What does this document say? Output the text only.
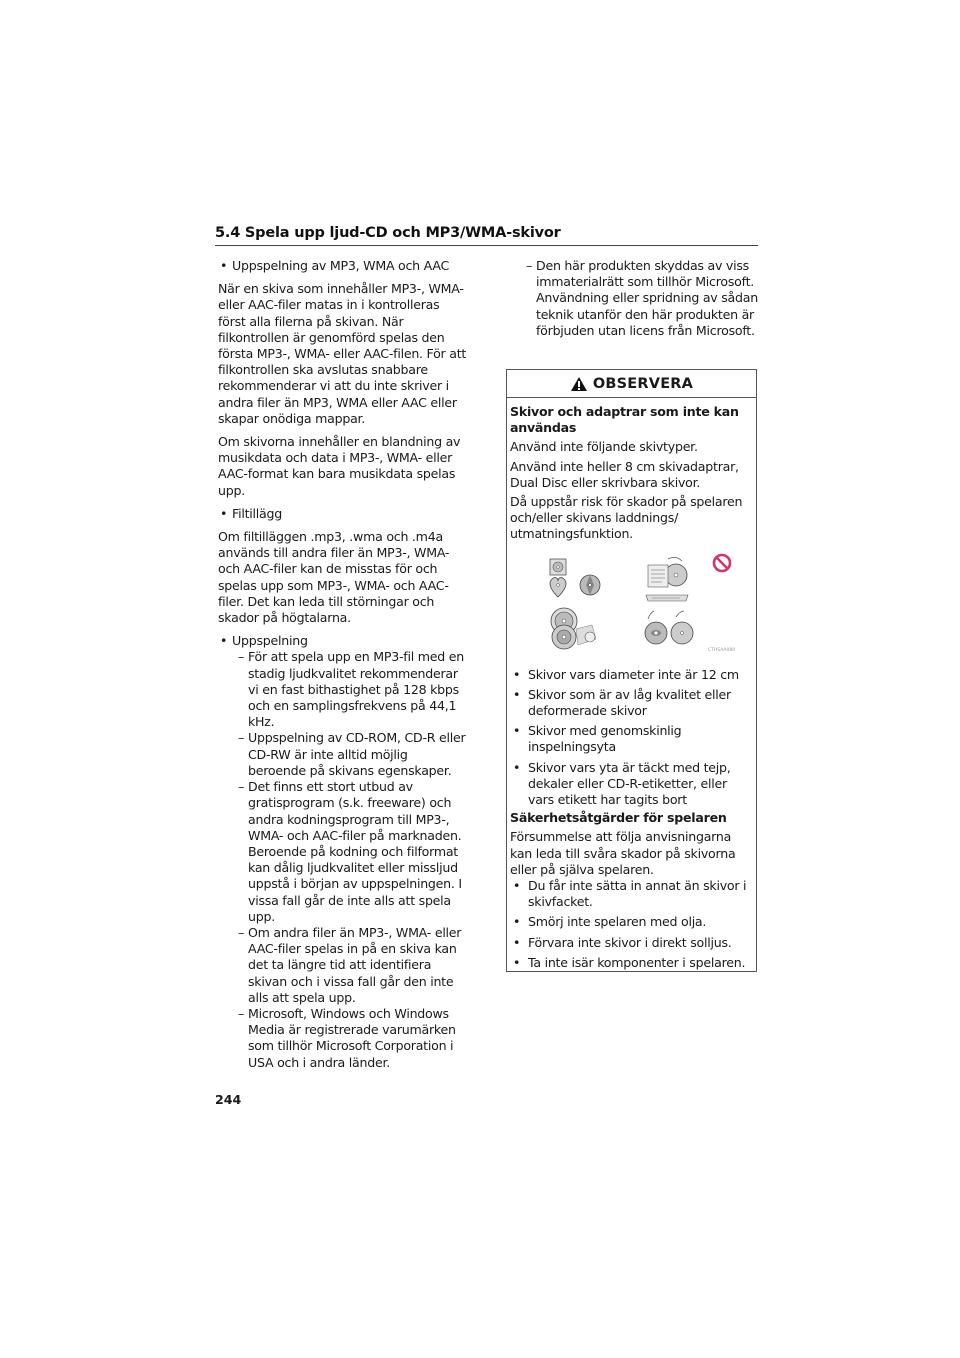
5.4 Spela upp ljud-CD och MP3/WMA-skivor
• Uppspelning av MP3, WMA och AAC

När en skiva som innehåller MP3-, WMA- eller AAC-filer matas in i kontrolleras först alla filerna på skivan. När filkontrollen är genomförd spelas den första MP3-, WMA- eller AAC-filen. För att filkontrollen ska avslutas snabbare rekommenderar vi att du inte skriver i andra filer än MP3, WMA eller AAC eller skapar onödiga mappar.

Om skivorna innehåller en blandning av musikdata och data i MP3-, WMA- eller AAC-format kan bara musikdata spelas upp.

• Filtillägg

Om filtilläggen .mp3, .wma och .m4a används till andra filer än MP3-, WMA- och AAC-filer kan de misstas för och spelas upp som MP3-, WMA- och AAC-filer. Det kan leda till störningar och skador på högtalarna.

• Uppspelning
– För att spela upp en MP3-fil med en stadig ljudkvalitet rekommenderar vi en fast bithastighet på 128 kbps och en samplingsfrekvens på 44,1 kHz.
– Uppspelning av CD-ROM, CD-R eller CD-RW är inte alltid möjlig beroende på skivans egenskaper.
– Det finns ett stort utbud av gratisprogram (s.k. freeware) och andra kodningsprogram till MP3-, WMA- och AAC-filer på marknaden. Beroende på kodning och filformat kan dålig ljudkvalitet eller missljud uppstå i början av uppspelningen. I vissa fall går de inte alls att spela upp.
– Om andra filer än MP3-, WMA- eller AAC-filer spelas in på en skiva kan det ta längre tid att identifiera skivan och i vissa fall går den inte alls att spela upp.
– Microsoft, Windows och Windows Media är registrerade varumärken som tillhör Microsoft Corporation i USA och i andra länder.
– Den här produkten skyddas av viss immaterialrätt som tillhör Microsoft. Användning eller spridning av sådan teknik utanför den här produkten är förbjuden utan licens från Microsoft.
OBSERVERA

Skivor och adaptrar som inte kan användas

Använd inte följande skivtyper.

Använd inte heller 8 cm skivadaptrar, Dual Disc eller skrivbara skivor.

Då uppstår risk för skador på spelaren och/eller skivans laddnings/ utmatningsfunktion.

CTHSAA080
• Skivor vars diameter inte är 12 cm
• Skivor som är av låg kvalitet eller deformerade skivor
• Skivor med genomskinlig inspelningsyta
• Skivor vars yta är täckt med tejp, dekaler eller CD-R-etiketter, eller vars etikett har tagits bort

Säkerhetsåtgärder för spelaren

Försummelse att följa anvisningarna kan leda till svåra skador på skivorna eller på själva spelaren.

• Du får inte sätta in annat än skivor i skivfacket.
• Smörj inte spelaren med olja.
• Förvara inte skivor i direkt solljus.
• Ta inte isär komponenter i spelaren.
244
